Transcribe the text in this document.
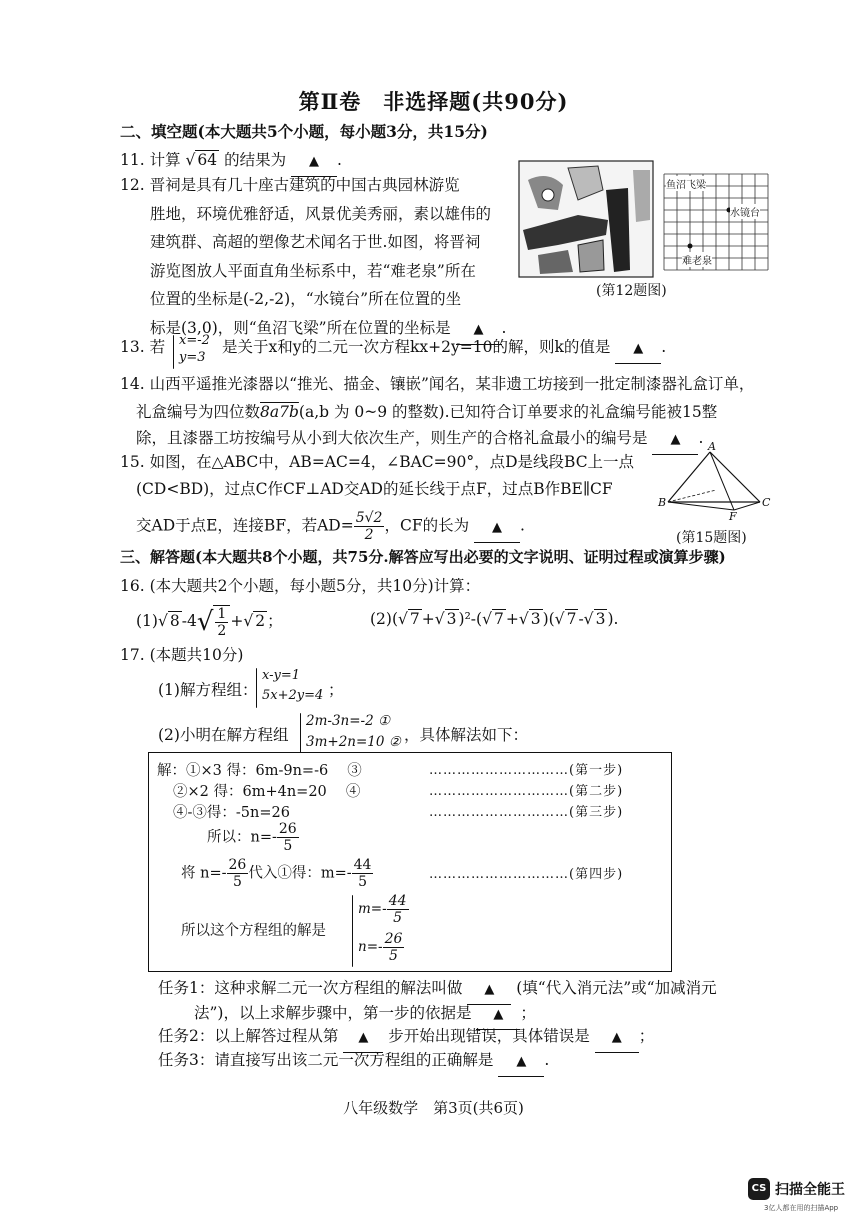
第Ⅱ卷　非选择题(共90分)
二、填空题(本大题共5个小题，每小题3分，共15分)
11. 计算 √ 64 的结果为 ▲ .
12. 晋祠是具有几十座古建筑的中国古典园林游览
胜地，环境优雅舒适，风景优美秀丽，素以雄伟的
建筑群、高超的塑像艺术闻名于世.如图，将晋祠
游览图放人平面直角坐标系中，若“难老泉”所在
位置的坐标是(-2,-2)，“水镜台”所在位置的坐
标是(3,0)，则“鱼沼飞梁”所在位置的坐标是 ▲ .
鱼沼飞梁
水镜台
难老泉
(第12题图)
13. 若 x=-2
y=3
是关于x和y的二元一次方程kx+2y=10的解，则k的值是 ▲ .
14. 山西平遥推光漆器以“推光、描金、镶嵌”闻名，某非遗工坊接到一批定制漆器礼盒订单，
礼盒编号为四位数8a7b(a,b 为 0~9 的整数).已知符合订单要求的礼盒编号能被15整
除，且漆器工坊按编号从小到大依次生产，则生产的合格礼盒最小的编号是 ▲ .
15. 如图，在△ABC中，AB=AC=4，∠BAC=90°，点D是线段BC上一点
(CD<BD)，过点C作CF⊥AD交AD的延长线于点F，过点B作BE∥CF
交AD于点E，连接BF，若$AD= \frac{5√2}{2}$ ，CF的长为 ▲ .
A
B	C
F
(第15题图)
三、解答题(本大题共8个小题，共75分.解答应写出必要的文字说明、证明过程或演算步骤)
16. (本大题共2个小题，每小题5分，共10分)计算：
(1)√ 8 $-4√ \frac{1}{2}$ +√ 2 ；	(2)(√ 7 +√ 3 )²-(√ 7 +√ 3 )(√ 7 -√ 3 ).
17. (本题共10分)
(1)解方程组：
x-y=1
5x+2y=4 ；
(2)小明在解方程组
2m-3n=-2 ①
3m+2n=10 ② ，具体解法如下：
解：①×3 得：6m-9n=-6　 ③
②×2 得：6m+4n=20　 ④
④-③得：-5n=26
所以：$n=- \frac{26}{5}$
将 $n=- \frac{26}{5}$ 代入①得：$m=- \frac{44}{5}$
所以这个方程组的解是
$m=- \frac{44}{5}$
$n=- \frac{26}{5}$
…………………………(第一步)
…………………………(第二步)
…………………………(第三步)
…………………………(第四步)
任务1：这种求解二元一次方程组的解法叫做 ▲ (填“代入消元法”或“加减消元
法”)，以上求解步骤中，第一步的依据是 ▲ ；
任务2：以上解答过程从第 ▲ 步开始出现错误，具体错误是 ▲ ；
任务3：请直接写出该二元一次方程组的正确解是 ▲ .
八年级数学　第3页(共6页)
CS 扫描全能王
3亿人都在用的扫描App
